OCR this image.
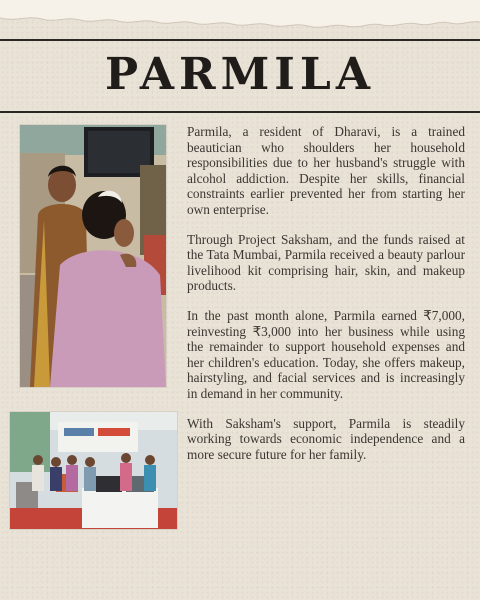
PARMILA

Parmila, a resident of Dharavi, is a trained beautician who shoulders her household responsibilities due to her husband's struggle with alcohol addiction. Despite her skills, financial constraints earlier prevented her from starting her own enterprise.

Through Project Saksham, and the funds raised at the Tata Mumbai, Parmila received a beauty parlour livelihood kit comprising hair, skin, and makeup products.

In the past month alone, Parmila earned ₹7,000, reinvesting ₹3,000 into her business while using the remainder to support household expenses and her children's education. Today, she offers makeup, hairstyling, and facial services and is increasingly in demand in her community.

With Saksham's support, Parmila is steadily working towards economic independence and a more secure future for her family.
